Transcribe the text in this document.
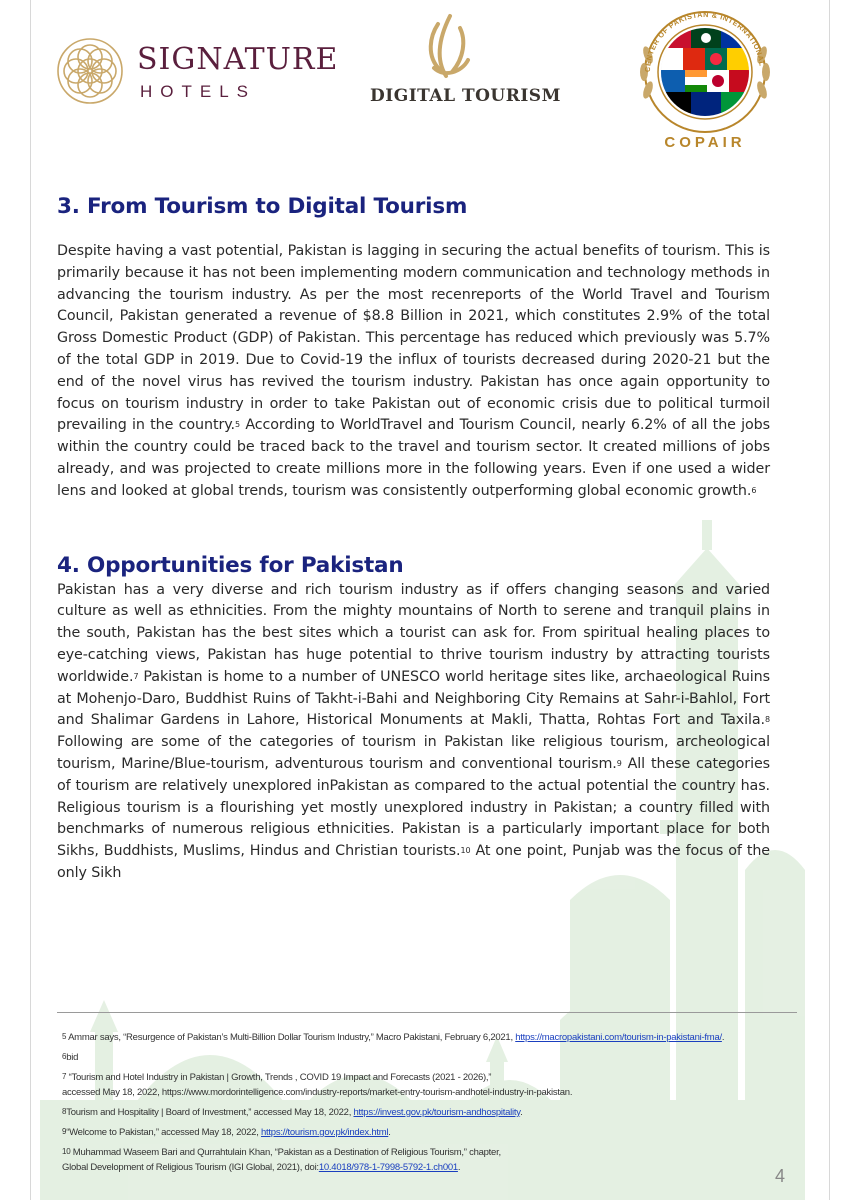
SIGNATURE
HOTELS	DIGITAL TOURISM
CENTER OF PAKISTAN & INTERNATIONAL
COPAIR
3. From Tourism to Digital Tourism

Despite having a vast potential, Pakistan is lagging in securing the actual benefits of tourism. This is primarily because it has not been implementing modern communication and technology methods in advancing the tourism industry. As per the most recenreports of the World Travel and Tourism Council, Pakistan generated a revenue of $8.8 Billion in 2021, which constitutes 2.9% of the total Gross Domestic Product (GDP) of Pakistan. This percentage has reduced which previously was 5.7% of the total GDP in 2019. Due to Covid-19 the influx of tourists decreased during 2020-21 but the end of the novel virus has revived the tourism industry. Pakistan has once again opportunity to focus on tourism industry in order to take Pakistan out of economic crisis due to political turmoil prevailing in the country.$^5$ According to WorldTravel and Tourism Council, nearly 6.2% of all the jobs within the country could be traced back to the travel and tourism sector. It created millions of jobs already, and was projected to create millions more in the following years. Even if one used a wider lens and looked at global trends, tourism was consistently outperforming global economic growth.$^6$

4. Opportunities for Pakistan

Pakistan has a very diverse and rich tourism industry as if offers changing seasons and varied culture as well as ethnicities. From the mighty mountains of North to serene and tranquil plains in the south, Pakistan has the best sites which a tourist can ask for. From spiritual healing places to eye-catching views, Pakistan has huge potential to thrive tourism industry by attracting tourists worldwide.$^7$ Pakistan is home to a number of UNESCO world heritage sites like, archaeological Ruins at Mohenjo-Daro, Buddhist Ruins of Takht-i-Bahi and Neighboring City Remains at Sahr-i-Bahlol, Fort and Shalimar Gardens in Lahore, Historical Monuments at Makli, Thatta, Rohtas Fort and Taxila.$^8$ Following are some of the categories of tourism in Pakistan like religious tourism, archeological tourism, Marine/Blue-tourism, adventurous tourism and conventional tourism.$^9$ All these categories of tourism are relatively unexplored inPakistan as compared to the actual potential the country has. Religious tourism is a flourishing yet mostly unexplored industry in Pakistan; a country filled with benchmarks of numerous religious ethnicities. Pakistan is a particularly important place for both Sikhs, Buddhists, Muslims, Hindus and Christian tourists.$^{10}$ At one point, Punjab was the focus of the only Sikh

$^5$ Ammar says, “Resurgence of Pakistan’s Multi-Billion Dollar Tourism Industry,” Macro Pakistani, February 6,2021, https://macropakistani.com/tourism-in-pakistani-fma/.
$^6$bid
$^7$ “Tourism and Hotel Industry in Pakistan | Growth, Trends , COVID 19 Impact and Forecasts (2021 - 2026),”
accessed May 18, 2022, https://www.mordorintelligence.com/industry-reports/market-entry-tourism-andhotel-industry-in-pakistan.
$^8$Tourism and Hospitality | Board of Investment,” accessed May 18, 2022, https://invest.gov.pk/tourism-andhospitality.
$^9$“Welcome to Pakistan,” accessed May 18, 2022, https://tourism.gov.pk/index.html.
$^{10}$ Muhammad Waseem Bari and Qurrahtulain Khan, “Pakistan as a Destination of Religious Tourism,” chapter,
Global Development of Religious Tourism (IGI Global, 2021), doi:10.4018/978-1-7998-5792-1.ch001.	4
